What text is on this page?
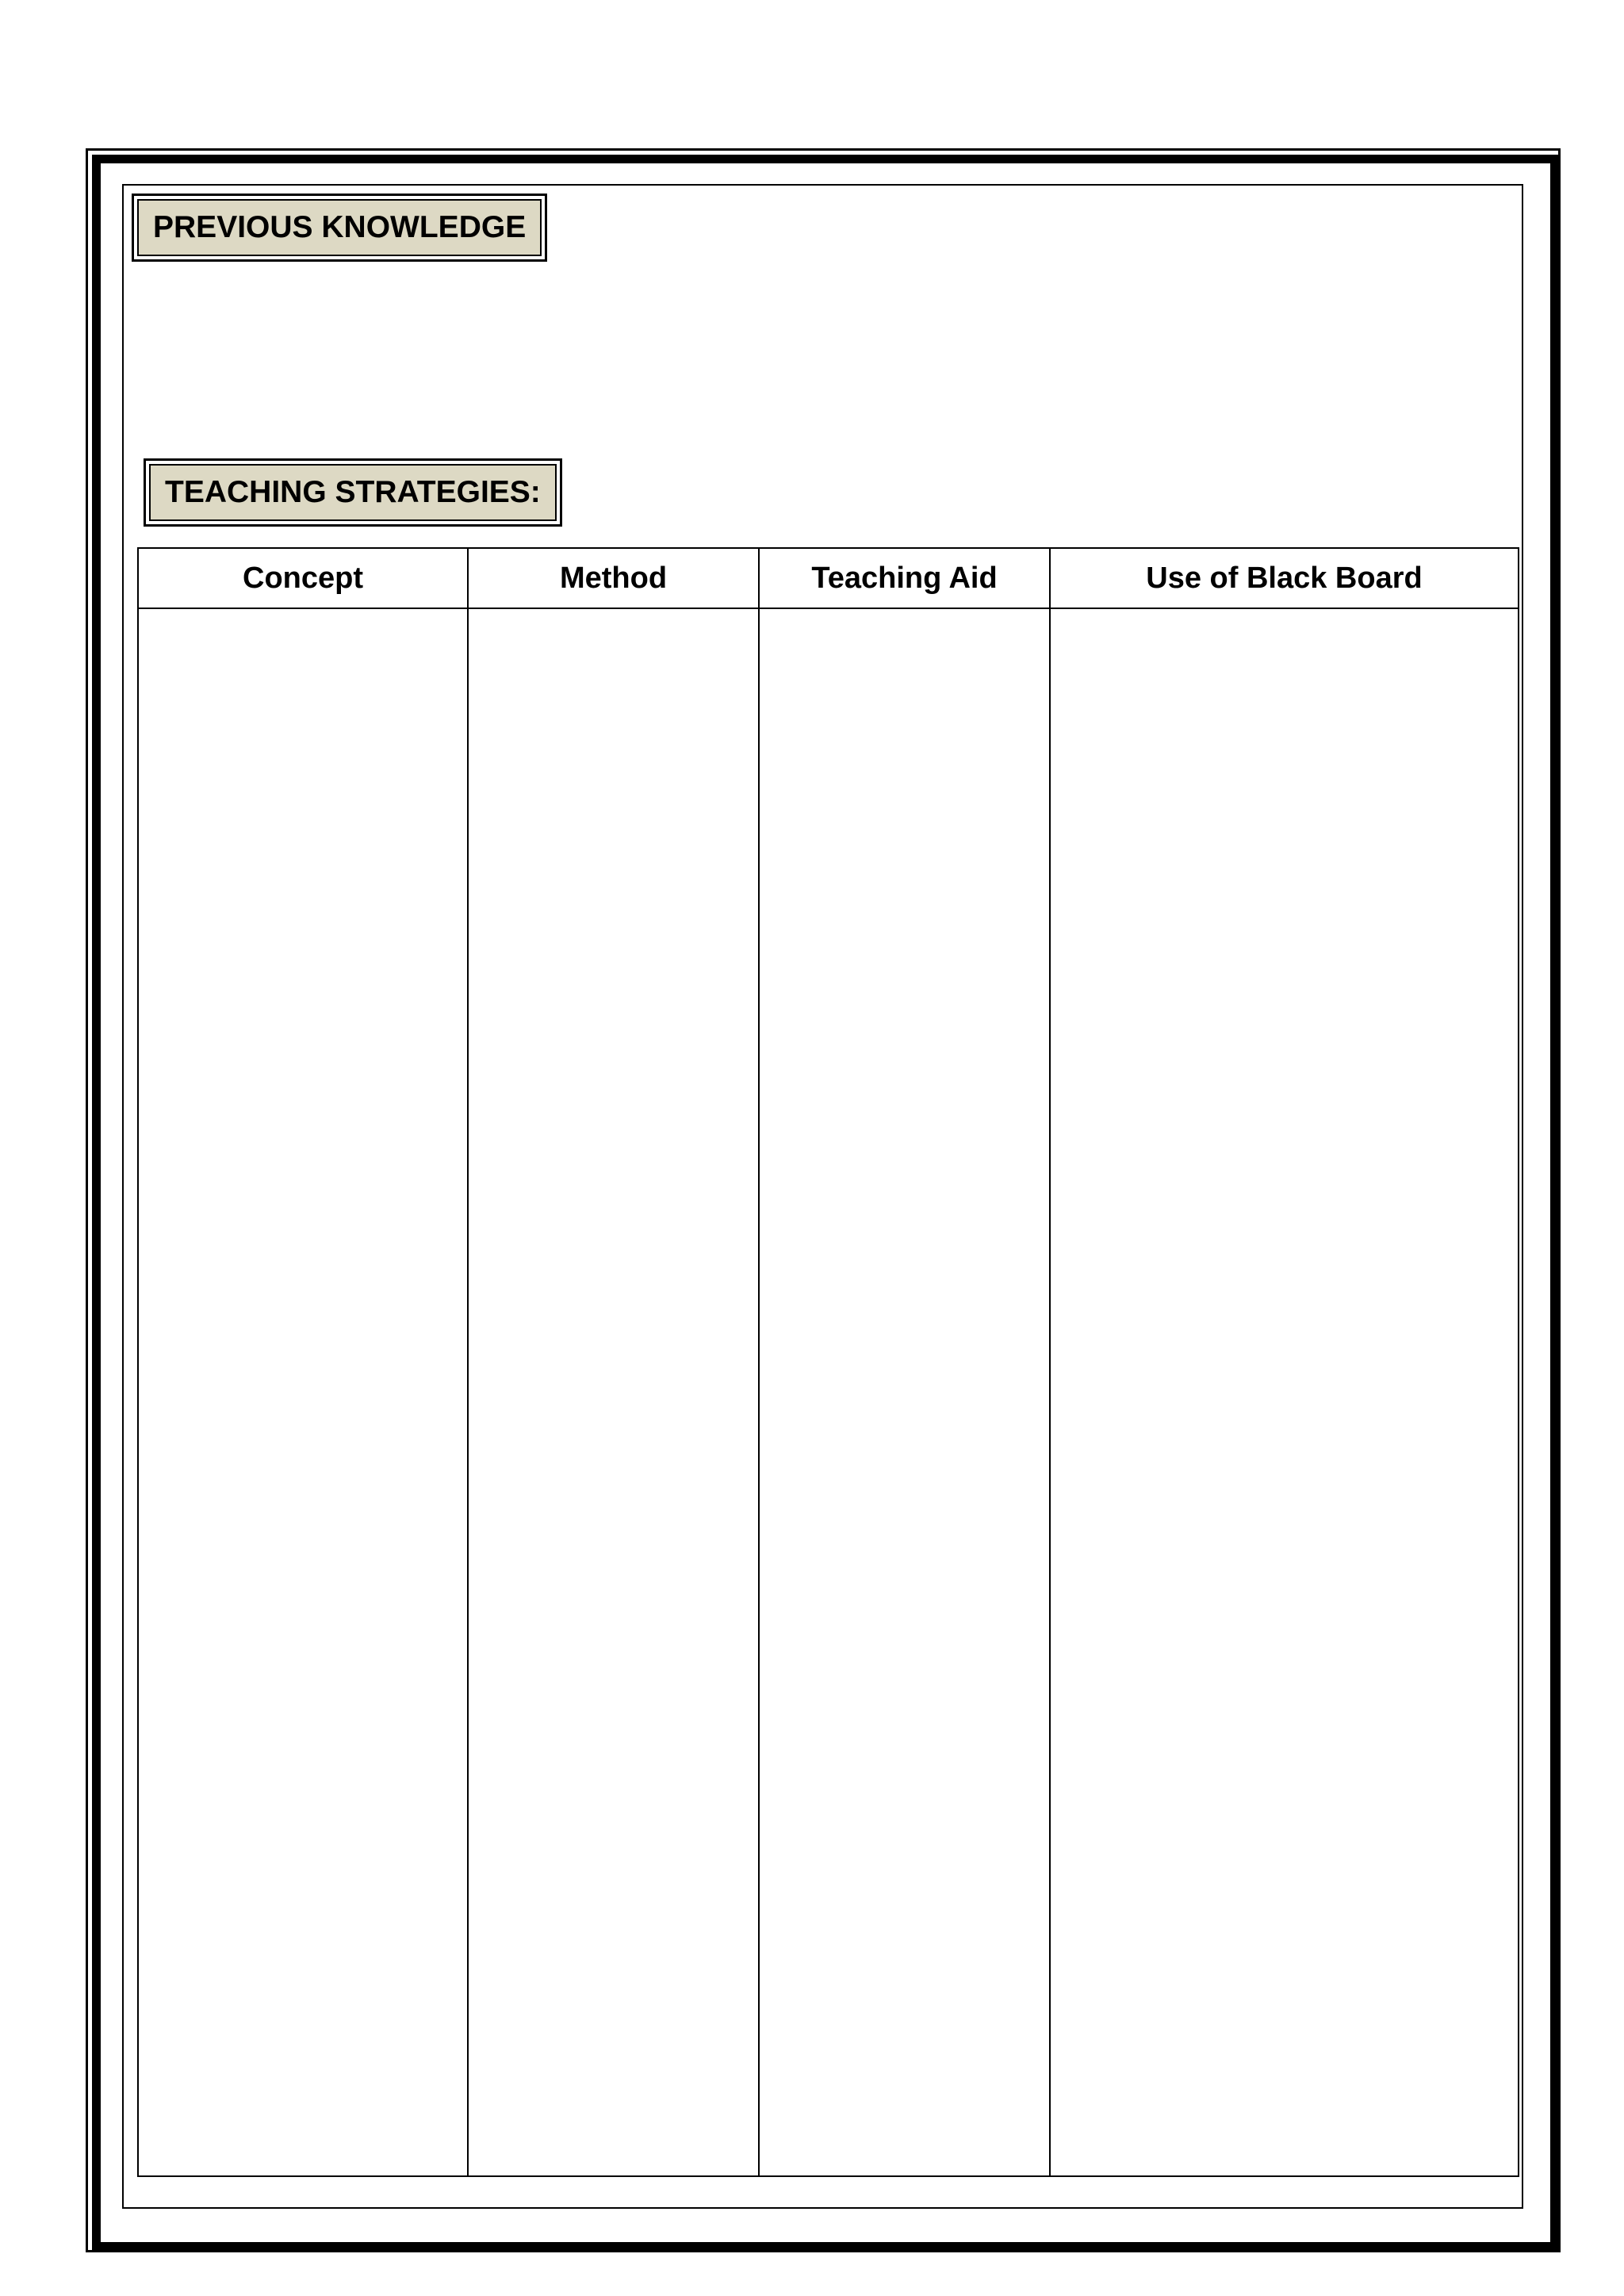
PREVIOUS KNOWLEDGE
TEACHING STRATEGIES:
Concept	Method	Teaching Aid	Use of Black Board
